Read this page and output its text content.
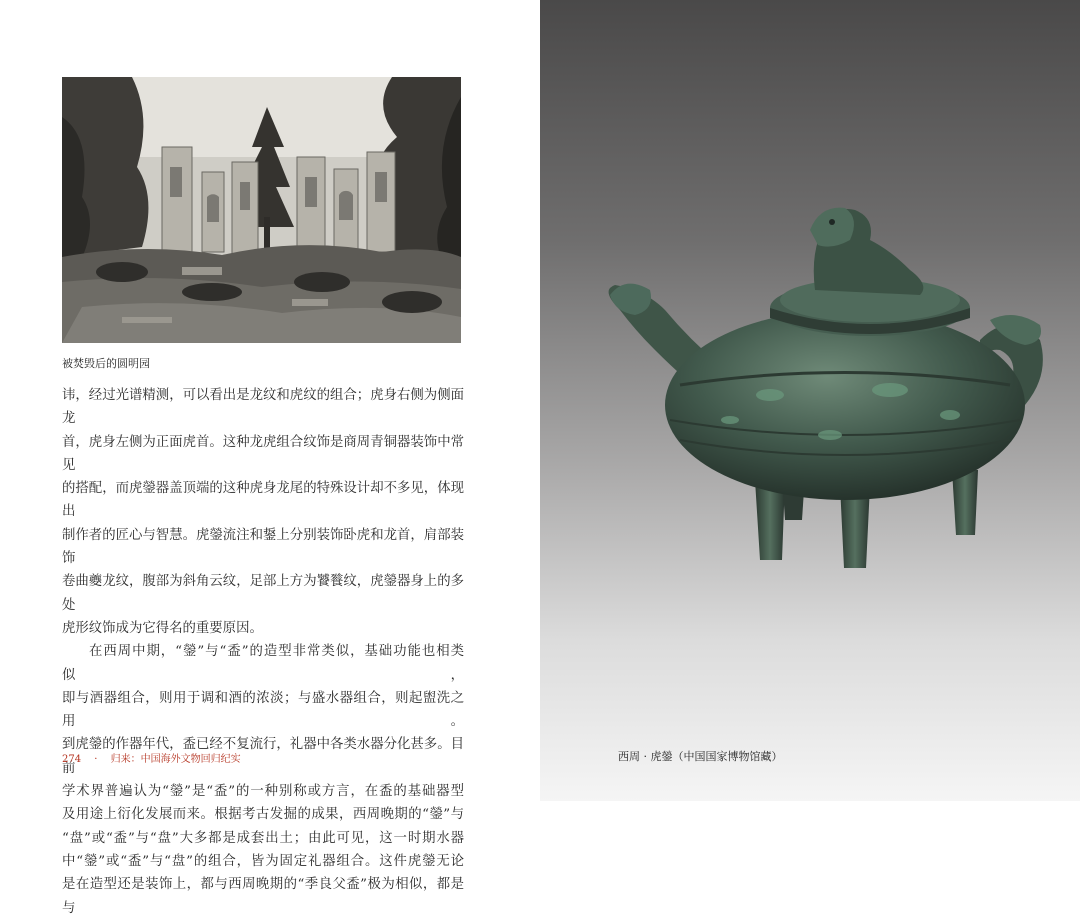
被焚毁后的圆明园

讳，经过光谱精测，可以看出是龙纹和虎纹的组合；虎身右侧为侧面龙

首，虎身左侧为正面虎首。这种龙虎组合纹饰是商周青铜器装饰中常见

的搭配，而虎鎣器盖顶端的这种虎身龙尾的特殊设计却不多见，体现出

制作者的匠心与智慧。虎鎣流注和鋬上分别装饰卧虎和龙首，肩部装饰

卷曲夔龙纹，腹部为斜角云纹，足部上方为饕餮纹，虎鎣器身上的多处

虎形纹饰成为它得名的重要原因。

在西周中期，“鎣”与“盉”的造型非常类似，基础功能也相类似，

即与酒器组合，则用于调和酒的浓淡；与盛水器组合，则起盥洗之用。

到虎鎣的作器年代，盉已经不复流行，礼器中各类水器分化甚多。目前

学术界普遍认为“鎣”是“盉”的一种别称或方言，在盉的基础器型

及用途上衍化发展而来。根据考古发掘的成果，西周晚期的“鎣”与

“盘”或“盉”与“盘”大多都是成套出土；由此可见，这一时期水器

中“鎣”或“盉”与“盘”的组合，皆为固定礼器组合。这件虎鎣无论

是在造型还是装饰上，都与西周晚期的“季良父盉”极为相似，都是与

274 · 归来：中国海外文物回归纪实	西周 · 虎鎣（中国国家博物馆藏）
